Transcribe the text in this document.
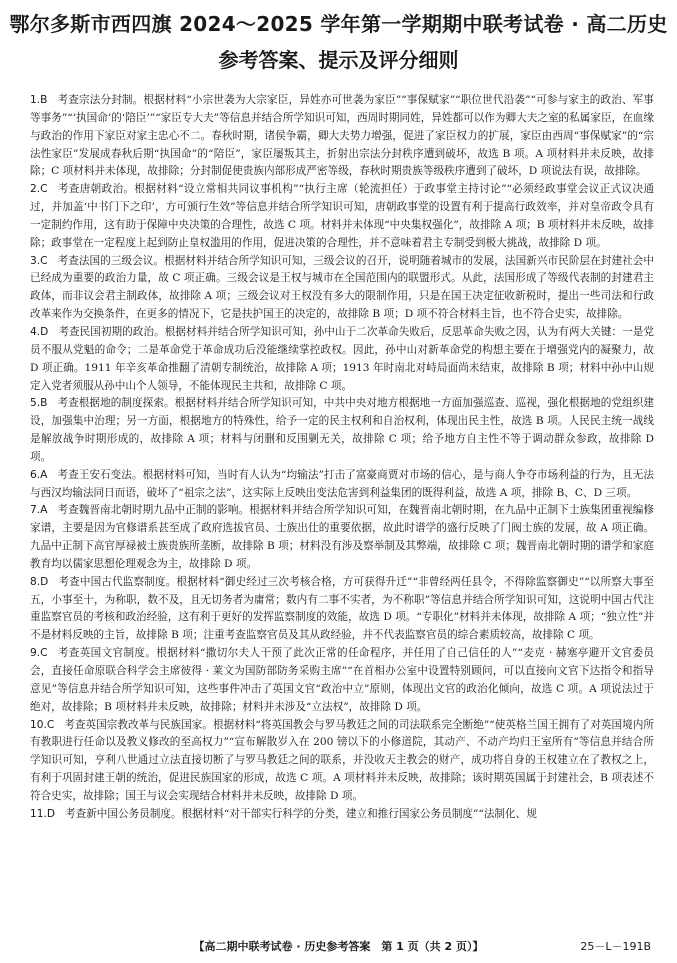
鄂尔多斯市西四旗 2024～2025 学年第一学期期中联考试卷 · 高二历史
参考答案、提示及评分细则

1.B 考查宗法分封制。根据材料“小宗世袭为大宗家臣，异姓亦可世袭为家臣”“事保赋家”“职位世代沿袭”“可参与家主的政治、军事等事务”“‘执国命’的‘陪臣’”“家臣专大夫”等信息并结合所学知识可知，西周时期同姓，异姓都可以作为卿大夫之室的私属家臣，在血缘与政治的作用下家臣对家主忠心不二。春秋时期，诸侯争霸，卿大夫势力增强，促进了家臣权力的扩展，家臣由西周“事保赋家”的“宗法性家臣”发展成春秋后期“执国命”的“陪臣”，家臣屡叛其主，折射出宗法分封秩序遭到破坏，故选 B 项。A 项材料并未反映，故排除；C 项材料并未体现，故排除；分封制促使贵族内部形成严密等级，春秋时期贵族等级秩序遭到了破坏，D 项说法有误，故排除。

2.C 考查唐朝政治。根据材料“设立常相共同议事机构”“执行主席（轮流担任）于政事堂主持讨论”“必须经政事堂会议正式议决通过，并加盖‘中书门下之印’，方可颁行生效”等信息并结合所学知识可知，唐朝政事堂的设置有利于提高行政效率，并对皇帝政令具有一定制约作用，这有助于保障中央决策的合理性，故选 C 项。材料并未体现“中央集权强化”，故排除 A 项；B 项材料并未反映，故排除；政事堂在一定程度上起到防止皇权滥用的作用，促进决策的合理性，并不意味着君主专制受到极大挑战，故排除 D 项。

3.C 考查法国的三级会议。根据材料并结合所学知识可知，三级会议的召开，说明随着城市的发展，法国新兴市民阶层在封建社会中已经成为重要的政治力量，故 C 项正确。三级会议是王权与城市在全国范围内的联盟形式。从此，法国形成了等级代表制的封建君主政体，而非议会君主制政体，故排除 A 项；三级会议对王权没有多大的限制作用，只是在国王决定征收新税时，提出一些司法和行政改革来作为交换条件，在更多的情况下，它是扶护国王的决定的，故排除 B 项；D 项不符合材料主旨，也不符合史实，故排除。

4.D 考查民国初期的政治。根据材料并结合所学知识可知，孙中山于二次革命失败后，反思革命失败之因，认为有两大关键：一是党员不服从党魁的命令；二是革命党于革命成功后没能继续掌控政权。因此，孙中山对新革命党的构想主要在于增强党内的凝聚力，故 D 项正确。1911 年辛亥革命推翻了清朝专制统治，故排除 A 项；1913 年时南北对峙局面尚未结束，故排除 B 项；材料中孙中山规定入党者须服从孙中山个人领导，不能体现民主共和，故排除 C 项。

5.B 考查根据地的制度探索。根据材料并结合所学知识可知，中共中央对地方根据地一方面加强巡查、巡视，强化根据地的党组织建设，加强集中治理；另一方面，根据地方的特殊性，给予一定的民主权利和自治权利，体现出民主性，故选 B 项。人民民主统一战线是解放战争时期形成的，故排除 A 项；材料与闭删和反围剿无关，故排除 C 项；给予地方自主性不等于调动群众参政，故排除 D 项。

6.A 考查王安石变法。根据材料可知，当时有人认为“均输法”打击了富豪商贾对市场的信心，是与商人争夺市场利益的行为，且无法与西汉均输法同日而语，破坏了“祖宗之法”，这实际上反映出变法危害到利益集团的既得利益，故选 A 项，排除 B、C、D 三项。

7.A 考查魏晋南北朝时期九品中正制的影响。根据材料并结合所学知识可知，在魏晋南北朝时期，在九品中正制下士族集团重视编修家谱，主要是因为官修谱系甚至成了政府选拔官员、士族出仕的重要依据，故此时谱学的盛行反映了门阀士族的发展，故 A 项正确。九品中正制下高官厚禄被士族贵族所垄断，故排除 B 项；材料没有涉及察举制及其弊端，故排除 C 项；魏晋南北朝时期的谱学和家庭教育均以儒家思想伦理观念为主，故排除 D 项。

8.D 考查中国古代监察制度。根据材料“御史经过三次考核合格，方可获得升迁”“非曾经两任县令，不得除监察御史”“以所察大事至五，小事至十，为称职，数不及，且无切务者为庸常；数内有二事不实者，为不称职”等信息并结合所学知识可知，这说明中国古代注重监察官员的考核和政治经验，这有利于更好的发挥监察制度的效能，故选 D 项。“专职化”材料并未体现，故排除 A 项；“独立性”并不是材料反映的主旨，故排除 B 项；注重考查监察官员及其从政经验，并不代表监察官员的综合素质较高，故排除 C 项。

9.C 考查英国文官制度。根据材料“撒切尔夫人干预了此次正常的任命程序，并任用了自己信任的人”“麦克 · 赫塞亭避开文官委员会，直接任命原联合科学会主席彼得 · 莱文为国防部防务采购主席”“在首相办公室中设置特别顾问，可以直接向文官下达指令和指导意见”等信息并结合所学知识可知，这些事件冲击了英国文官“政治中立”原则，体现出文官的政治化倾向，故选 C 项。A 项说法过于绝对，故排除；B 项材料并未反映，故排除；材料并未涉及“立法权”，故排除 D 项。

10.C 考查英国宗教改革与民族国家。根据材料“将英国教会与罗马教廷之间的司法联系完全断绝”“使英格兰国王拥有了对英国境内所有教职进行任命以及教义修改的至高权力”“宣布解散岁入在 200 镑以下的小修道院，其动产、不动产均归王室所有”等信息并结合所学知识可知，亨利八世通过立法直接切断了与罗马教廷之间的联系，并没收天主教会的财产，成功将自身的王权建立在了教权之上，有利于巩固封建王朝的统治，促进民族国家的形成，故选 C 项。A 项材料并未反映，故排除；该时期英国属于封建社会，B 项表述不符合史实，故排除；国王与议会实现结合材料并未反映，故排除 D 项。

11.D 考查新中国公务员制度。根据材料“对干部实行科学的分类，建立和推行国家公务员制度”“法制化、规

【高二期中联考试卷 · 历史参考答案　第 1 页（共 2 页）】	25－L－191B
